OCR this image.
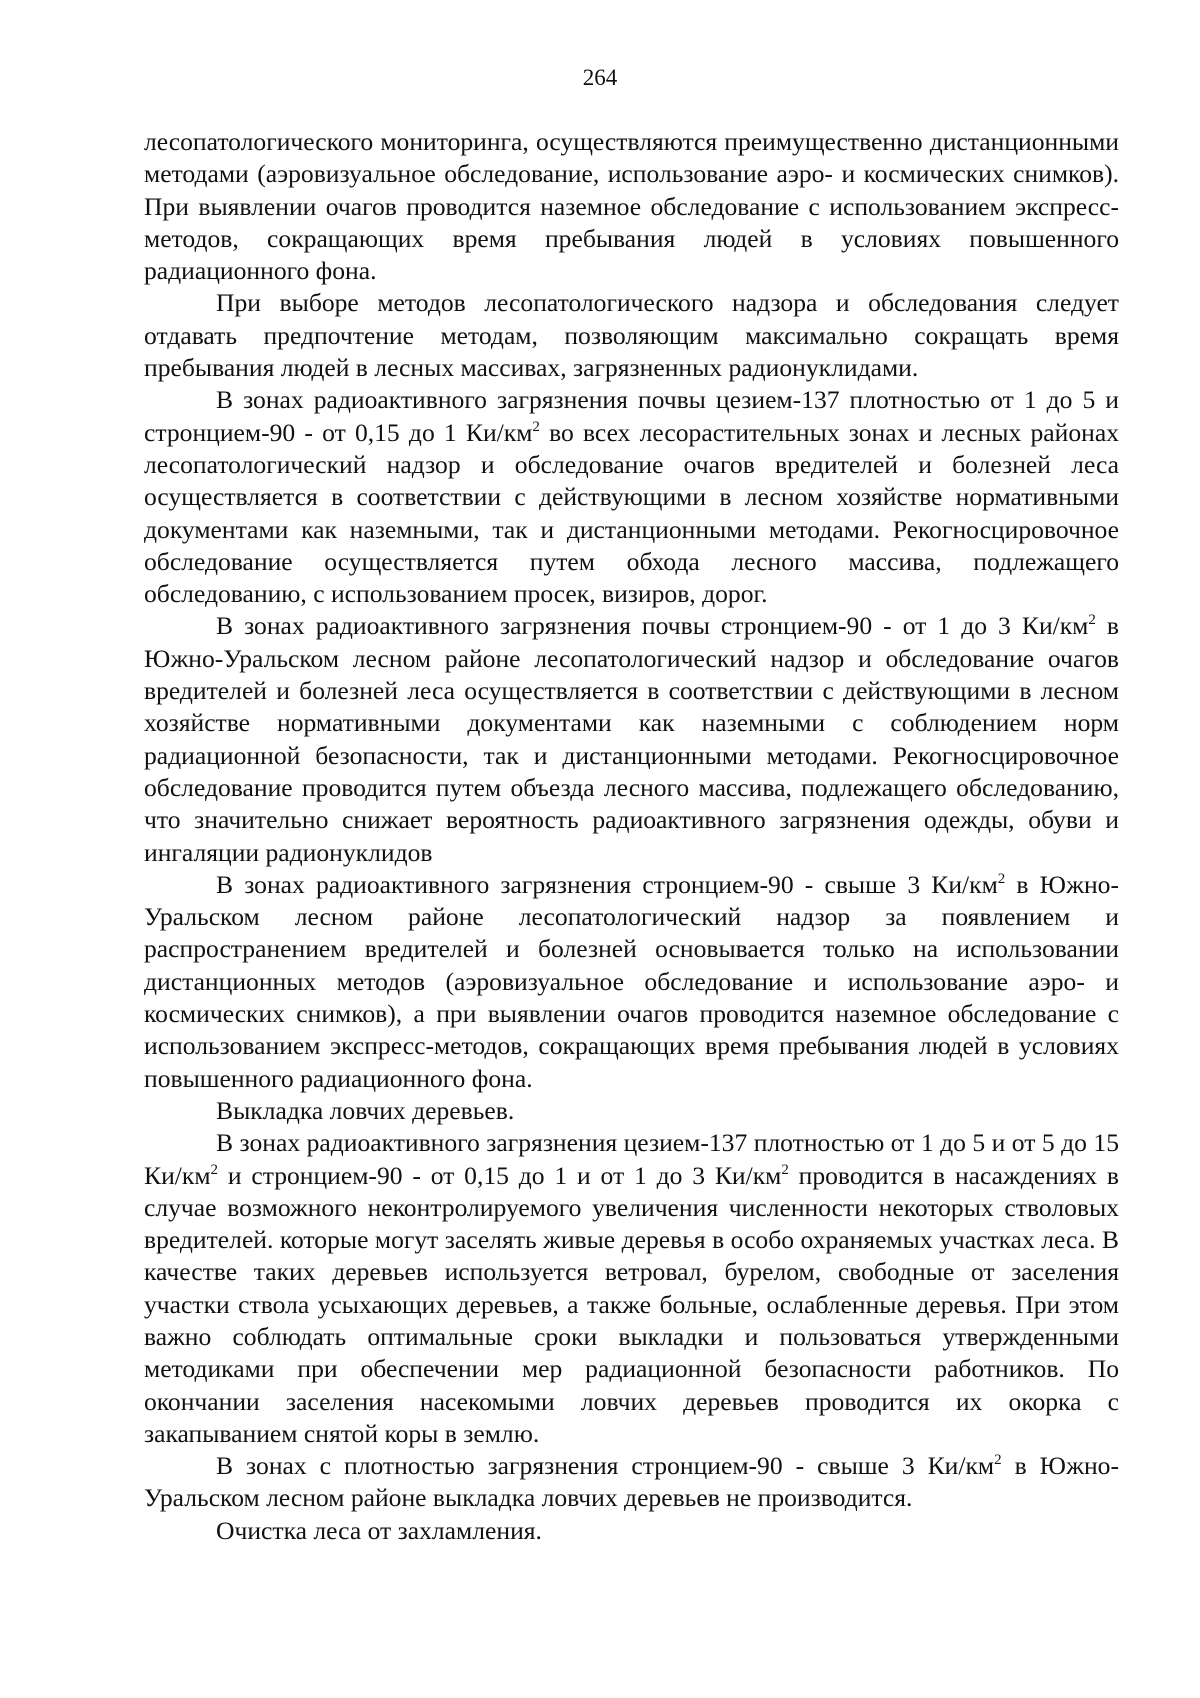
264

лесопатологического мониторинга, осуществляются преимущественно дистанционными методами (аэровизуальное обследование, использование аэро- и космических снимков). При выявлении очагов проводится наземное обследование с использованием экспресс-методов, сокращающих время пребывания людей в условиях повышенного радиационного фона.

При выборе методов лесопатологического надзора и обследования следует отдавать предпочтение методам, позволяющим максимально сокращать время пребывания людей в лесных массивах, загрязненных радионуклидами.

В зонах радиоактивного загрязнения почвы цезием-137 плотностью от 1 до 5 и стронцием-90 - от 0,15 до 1 $Ки/км^2$ во всех лесорастительных зонах и лесных районах лесопатологический надзор и обследование очагов вредителей и болезней леса осуществляется в соответствии с действующими в лесном хозяйстве нормативными документами как наземными, так и дистанционными методами. Рекогносцировочное обследование осуществляется путем обхода лесного массива, подлежащего обследованию, с использованием просек, визиров, дорог.

В зонах радиоактивного загрязнения почвы стронцием-90 - от 1 до 3 $Ки/км^2$ в Южно-Уральском лесном районе лесопатологический надзор и обследование очагов вредителей и болезней леса осуществляется в соответствии с действующими в лесном хозяйстве нормативными документами как наземными с соблюдением норм радиационной безопасности, так и дистанционными методами. Рекогносцировочное обследование проводится путем объезда лесного массива, подлежащего обследованию, что значительно снижает вероятность радиоактивного загрязнения одежды, обуви и ингаляции радионуклидов

В зонах радиоактивного загрязнения стронцием-90 - свыше 3 $Ки/км^2$ в Южно-Уральском лесном районе лесопатологический надзор за появлением и распространением вредителей и болезней основывается только на использовании дистанционных методов (аэровизуальное обследование и использование аэро- и космических снимков), а при выявлении очагов проводится наземное обследование с использованием экспресс-методов, сокращающих время пребывания людей в условиях повышенного радиационного фона.

Выкладка ловчих деревьев.

В зонах радиоактивного загрязнения цезием-137 плотностью от 1 до 5 и от 5 до 15 $Ки/км^2$ и стронцием-90 - от 0,15 до 1 и от 1 до 3 $Ки/км^2$ проводится в насаждениях в случае возможного неконтролируемого увеличения численности некоторых стволовых вредителей. которые могут заселять живые деревья в особо охраняемых участках леса. В качестве таких деревьев используется ветровал, бурелом, свободные от заселения участки ствола усыхающих деревьев, а также больные, ослабленные деревья. При этом важно соблюдать оптимальные сроки выкладки и пользоваться утвержденными методиками при обеспечении мер радиационной безопасности работников. По окончании заселения насекомыми ловчих деревьев проводится их окорка с закапыванием снятой коры в землю.

В зонах с плотностью загрязнения стронцием-90 - свыше 3 $Ки/км^2$ в Южно-Уральском лесном районе выкладка ловчих деревьев не производится.

Очистка леса от захламления.
